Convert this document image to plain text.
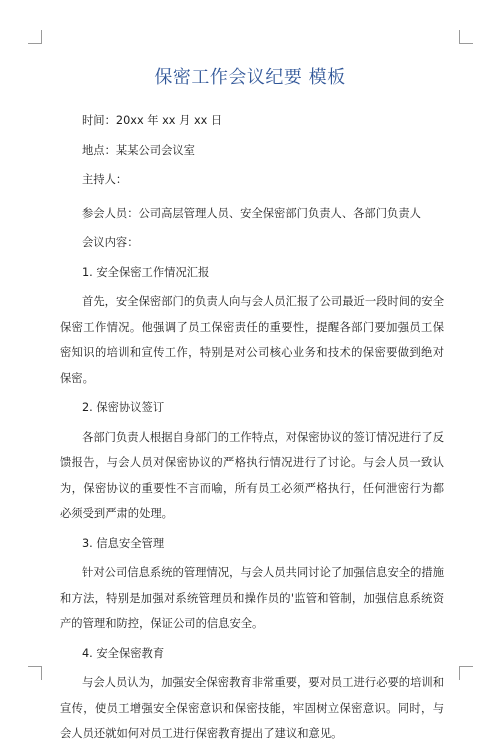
保密工作会议纪要 模板

时间：20xx 年 xx 月 xx 日

地点：某某公司会议室

主持人：

参会人员：公司高层管理人员、安全保密部门负责人、各部门负责人

会议内容：

1. 安全保密工作情况汇报

首先，安全保密部门的负责人向与会人员汇报了公司最近一段时间的安全保密工作情况。他强调了员工保密责任的重要性，提醒各部门要加强员工保密知识的培训和宣传工作，特别是对公司核心业务和技术的保密要做到绝对保密。

2. 保密协议签订

各部门负责人根据自身部门的工作特点，对保密协议的签订情况进行了反馈报告，与会人员对保密协议的严格执行情况进行了讨论。与会人员一致认为，保密协议的重要性不言而喻，所有员工必须严格执行，任何泄密行为都必须受到严肃的处理。

3. 信息安全管理

针对公司信息系统的管理情况，与会人员共同讨论了加强信息安全的措施和方法，特别是加强对系统管理员和操作员的'监管和管制，加强信息系统资产的管理和防控，保证公司的信息安全。

4. 安全保密教育

与会人员认为，加强安全保密教育非常重要，要对员工进行必要的培训和宣传，使员工增强安全保密意识和保密技能，牢固树立保密意识。同时，与会人员还就如何对员工进行保密教育提出了建议和意见。
